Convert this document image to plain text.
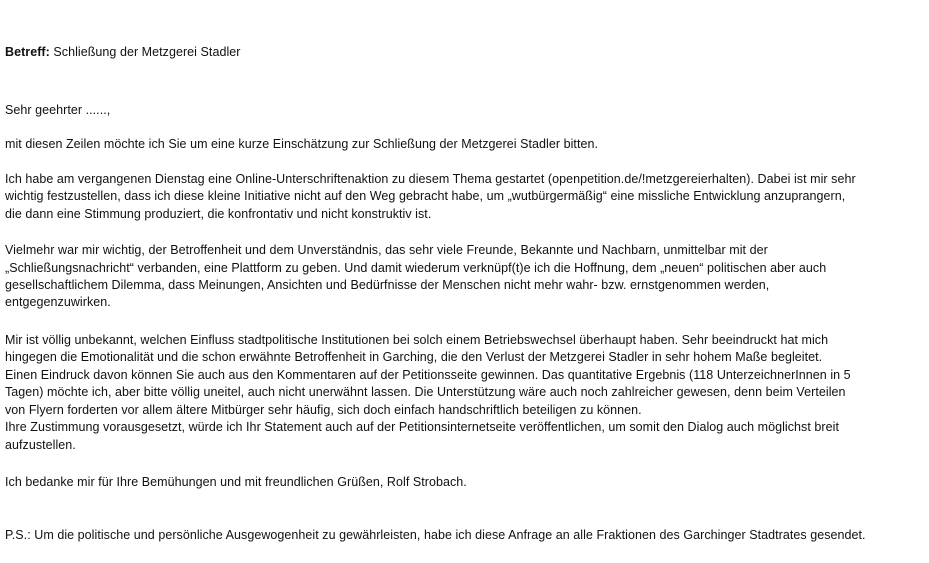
Betreff: Schließung der Metzgerei Stadler
Sehr geehrter ......,
mit diesen Zeilen möchte ich Sie um eine kurze Einschätzung zur Schließung der Metzgerei Stadler bitten.
Ich habe am vergangenen Dienstag eine Online-Unterschriftenaktion zu diesem Thema gestartet (openpetition.de/!metzgereierhalten). Dabei ist mir sehr
wichtig festzustellen, dass ich diese kleine Initiative nicht auf den Weg gebracht habe, um „wutbürgermäßig“ eine missliche Entwicklung anzuprangern,
die dann eine Stimmung produziert, die konfrontativ und nicht konstruktiv ist.
Vielmehr war mir wichtig, der Betroffenheit und dem Unverständnis, das sehr viele Freunde, Bekannte und Nachbarn, unmittelbar mit der
„Schließungsnachricht“ verbanden, eine Plattform zu geben. Und damit wiederum verknüpf(t)e ich die Hoffnung, dem „neuen“ politischen aber auch
gesellschaftlichem Dilemma, dass Meinungen, Ansichten und Bedürfnisse der Menschen nicht mehr wahr- bzw. ernstgenommen werden,
entgegenzuwirken.
Mir ist völlig unbekannt, welchen Einfluss stadtpolitische Institutionen bei solch einem Betriebswechsel überhaupt haben. Sehr beeindruckt hat mich
hingegen die Emotionalität und die schon erwähnte Betroffenheit in Garching, die den Verlust der Metzgerei Stadler in sehr hohem Maße begleitet.
Einen Eindruck davon können Sie auch aus den Kommentaren auf der Petitionsseite gewinnen. Das quantitative Ergebnis (118 UnterzeichnerInnen in 5
Tagen) möchte ich, aber bitte völlig uneitel, auch nicht unerwähnt lassen. Die Unterstützung wäre auch noch zahlreicher gewesen, denn beim Verteilen
von Flyern forderten vor allem ältere Mitbürger sehr häufig, sich doch einfach handschriftlich beteiligen zu können.
Ihre Zustimmung vorausgesetzt, würde ich Ihr Statement auch auf der Petitionsinternetseite veröffentlichen, um somit den Dialog auch möglichst breit
aufzustellen.
Ich bedanke mir für Ihre Bemühungen und mit freundlichen Grüßen, Rolf Strobach.
P.S.: Um die politische und persönliche Ausgewogenheit zu gewährleisten, habe ich diese Anfrage an alle Fraktionen des Garchinger Stadtrates gesendet.
